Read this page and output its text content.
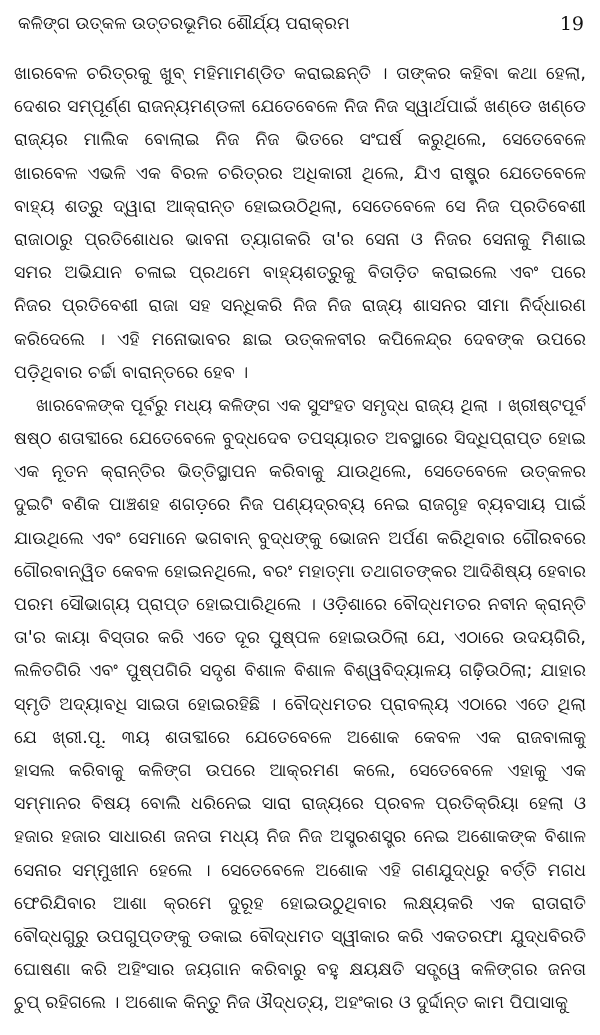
କଳିଙ୍ଗ ଉତ୍କଳ ଉତ୍ତରଭୂମିର ଶୌର୍ଯ୍ୟ ପରାକ୍ରମ	19
ଖାରବେଳ ଚରିତ୍ରକୁ ଖୁବ୍ ମହିମାମଣ୍ଡିତ କରାଇଛନ୍ତି । ତାଙ୍କର କହିବା କଥା ହେଲା,
ଦେଶର ସମ୍ପୂର୍ଣ୍ଣ ରାଜନ୍ୟମଣ୍ଡଳୀ ଯେତେବେଳେ ନିଜ ନିଜ ସ୍ୱାର୍ଥପାଇଁ ଖଣ୍ଡେ ଖଣ୍ଡେ
ରାଜ୍ୟର ମାଲିକ ବୋଲାଇ ନିଜ ନିଜ ଭିତରେ ସଂଘର୍ଷ କରୁଥିଲେ, ସେତେବେଳେ
ଖାରବେଳ ଏଭଳି ଏକ ବିରଳ ଚରିତ୍ରର ଅଧିକାରୀ ଥିଲେ, ଯିଏ ରାଷ୍ଟ୍ର ଯେତେବେଳେ
ବାହ୍ୟ ଶତ୍ରୁ ଦ୍ୱାରା ଆକ୍ରାନ୍ତ ହୋଇଉଠିଥିଲା, ସେତେବେଳେ ସେ ନିଜ ପ୍ରତିବେଶୀ
ରାଜାଠାରୁ ପ୍ରତିଶୋଧର ଭାବନା ତ୍ୟାଗକରି ତା'ର ସେନା ଓ ନିଜର ସେନାକୁ ମିଶାଇ
ସମର ଅଭିଯାନ ଚଳାଇ ପ୍ରଥମେ ବାହ୍ୟଶତ୍ରୁକୁ ବିତାଡ଼ିତ କରାଇଲେ ଏବଂ ପରେ
ନିଜର ପ୍ରତିବେଶୀ ରାଜା ସହ ସନ୍ଧିକରି ନିଜ ନିଜ ରାଜ୍ୟ ଶାସନର ସୀମା ନିର୍ଦ୍ଧାରଣ
କରିଦେଲେ । ଏହି ମନୋଭାବର ଛାଇ ଉତ୍କଳବୀର କପିଳେନ୍ଦ୍ର ଦେବଙ୍କ ଉପରେ
ପଡ଼ିଥିବାର ଚର୍ଚ୍ଚା ବାରାନ୍ତରେ ହେବ ।
ଖାରବେଳଙ୍କ ପୂର୍ବରୁ ମଧ୍ୟ କଳିଙ୍ଗ ଏକ ସୁସଂହତ ସମୃଦ୍ଧ ରାଜ୍ୟ ଥିଲା । ଖ୍ରୀଷ୍ଟପୂର୍ବ
ଷଷ୍ଠ ଶତାବ୍ଦୀରେ ଯେତେବେଳେ ବୁଦ୍ଧଦେବ ତପସ୍ୟାରତ ଅବସ୍ଥାରେ ସିଦ୍ଧିପ୍ରାପ୍ତ ହୋଇ
ଏକ ନୂତନ କ୍ରାନ୍ତିର ଭିତ୍ତିସ୍ଥାପନ କରିବାକୁ ଯାଉଥିଲେ, ସେତେବେଳେ ଉତ୍କଳର
ଦୁଇଟି ବଣିକ ପାଞ୍ଚଶହ ଶଗଡ଼ରେ ନିଜ ପଣ୍ୟଦ୍ରବ୍ୟ ନେଇ ରାଜଗୃହ ବ୍ୟବସାୟ ପାଇଁ
ଯାଉଥିଲେ ଏବଂ ସେମାନେ ଭଗବାନ୍ ବୁଦ୍ଧଙ୍କୁ ଭୋଜନ ଅର୍ପଣ କରିଥିବାର ଗୌରବରେ
ଗୌରବାନ୍ୱିତ କେବଳ ହୋଇନଥିଲେ, ବରଂ ମହାତ୍ମା ତଥାଗତଙ୍କର ଆଦିଶିଷ୍ୟ ହେବାର
ପରମ ସୌଭାଗ୍ୟ ପ୍ରାପ୍ତ ହୋଇପାରିଥିଲେ । ଓଡ଼ିଶାରେ ବୌଦ୍ଧମତର ନବୀନ କ୍ରାନ୍ତି
ତା'ର କାୟା ବିସ୍ତାର କରି ଏତେ ଦୂର ପୁଷ୍ପଳ ହୋଇଉଠିଲା ଯେ, ଏଠାରେ ଉଦୟଗିରି,
ଲଳିତଗିରି ଏବଂ ପୁଷ୍ପଗିରି ସଦୃଶ ବିଶାଳ ବିଶାଳ ବିଶ୍ୱବିଦ୍ୟାଳୟ ଗଢ଼ିଉଠିଲା; ଯାହାର
ସ୍ମୃତି ଅଦ୍ୟାବଧି ସାଇତା ହୋଇରହିଛି । ବୌଦ୍ଧମତର ପ୍ରାବଲ୍ୟ ଏଠାରେ ଏତେ ଥିଲା
ଯେ ଖ୍ରୀ.ପୂ. ୩ୟ ଶତାବ୍ଦୀରେ ଯେତେବେଳେ ଅଶୋକ କେବଳ ଏକ ରାଜବାଳାକୁ
ହାସଲ କରିବାକୁ କଳିଙ୍ଗ ଉପରେ ଆକ୍ରମଣ କଲେ, ସେତେବେଳେ ଏହାକୁ ଏକ
ସମ୍ମାନର ବିଷୟ ବୋଲି ଧରିନେଇ ସାରା ରାଜ୍ୟରେ ପ୍ରବଳ ପ୍ରତିକ୍ରିୟା ହେଲା ଓ
ହଜାର ହଜାର ସାଧାରଣ ଜନତା ମଧ୍ୟ ନିଜ ନିଜ ଅସ୍ତ୍ରଶସ୍ତ୍ର ନେଇ ଅଶୋକଙ୍କ ବିଶାଳ
ସେନାର ସମ୍ମୁଖୀନ ହେଲେ । ସେତେବେଳେ ଅଶୋକ ଏହି ଗଣଯୁଦ୍ଧରୁ ବର୍ତ୍ତି ମଗଧ
ଫେରିଯିବାର ଆଶା କ୍ରମେ ଦୁରୂହ ହୋଇଉଠୁଥିବାର ଲକ୍ଷ୍ୟକରି ଏକ ରାତାରାତି
ବୌଦ୍ଧଗୁରୁ ଉପଗୁପ୍ତଙ୍କୁ ଡକାଇ ବୌଦ୍ଧମତ ସ୍ୱୀକାର କରି ଏକତରଫା ଯୁଦ୍ଧବିରତି
ଘୋଷଣା କରି ଅହିଂସାର ଜୟଗାନ କରିବାରୁ ବହୁ କ୍ଷୟକ୍ଷତି ସତ୍ତ୍ୱେ କଳିଙ୍ଗର ଜନତା
ଚୁପ୍ ରହିଗଲେ । ଅଶୋକ କିନ୍ତୁ ନିଜ ଔଦ୍ଧତ୍ୟ, ଅହଂକାର ଓ ଦୁର୍ଦ୍ଦାନ୍ତ କାମ ପିପାସାକୁ
